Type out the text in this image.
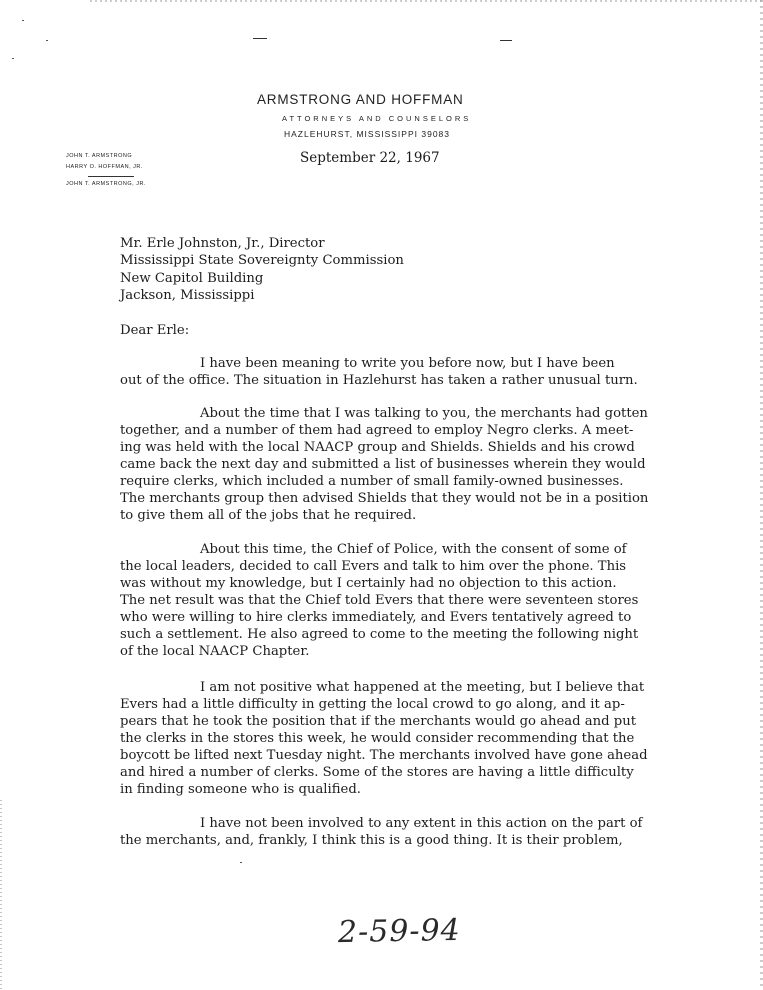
ARMSTRONG AND HOFFMAN
ATTORNEYS AND COUNSELORS
HAZLEHURST, MISSISSIPPI 39083
JOHN T. ARMSTRONG
HARRY O. HOFFMAN, JR.
JOHN T. ARMSTRONG, JR.
September 22, 1967
Mr. Erle Johnston, Jr., Director
Mississippi State Sovereignty Commission
New Capitol Building
Jackson, Mississippi
Dear Erle:
I have been meaning to write you before now, but I have been
out of the office. The situation in Hazlehurst has taken a rather unusual turn.
About the time that I was talking to you, the merchants had gotten
together, and a number of them had agreed to employ Negro clerks. A meet-
ing was held with the local NAACP group and Shields. Shields and his crowd
came back the next day and submitted a list of businesses wherein they would
require clerks, which included a number of small family-owned businesses.
The merchants group then advised Shields that they would not be in a position
to give them all of the jobs that he required.
About this time, the Chief of Police, with the consent of some of
the local leaders, decided to call Evers and talk to him over the phone. This
was without my knowledge, but I certainly had no objection to this action.
The net result was that the Chief told Evers that there were seventeen stores
who were willing to hire clerks immediately, and Evers tentatively agreed to
such a settlement. He also agreed to come to the meeting the following night
of the local NAACP Chapter.
I am not positive what happened at the meeting, but I believe that
Evers had a little difficulty in getting the local crowd to go along, and it ap-
pears that he took the position that if the merchants would go ahead and put
the clerks in the stores this week, he would consider recommending that the
boycott be lifted next Tuesday night. The merchants involved have gone ahead
and hired a number of clerks. Some of the stores are having a little difficulty
in finding someone who is qualified.
I have not been involved to any extent in this action on the part of
the merchants, and, frankly, I think this is a good thing. It is their problem,
2-59-94
